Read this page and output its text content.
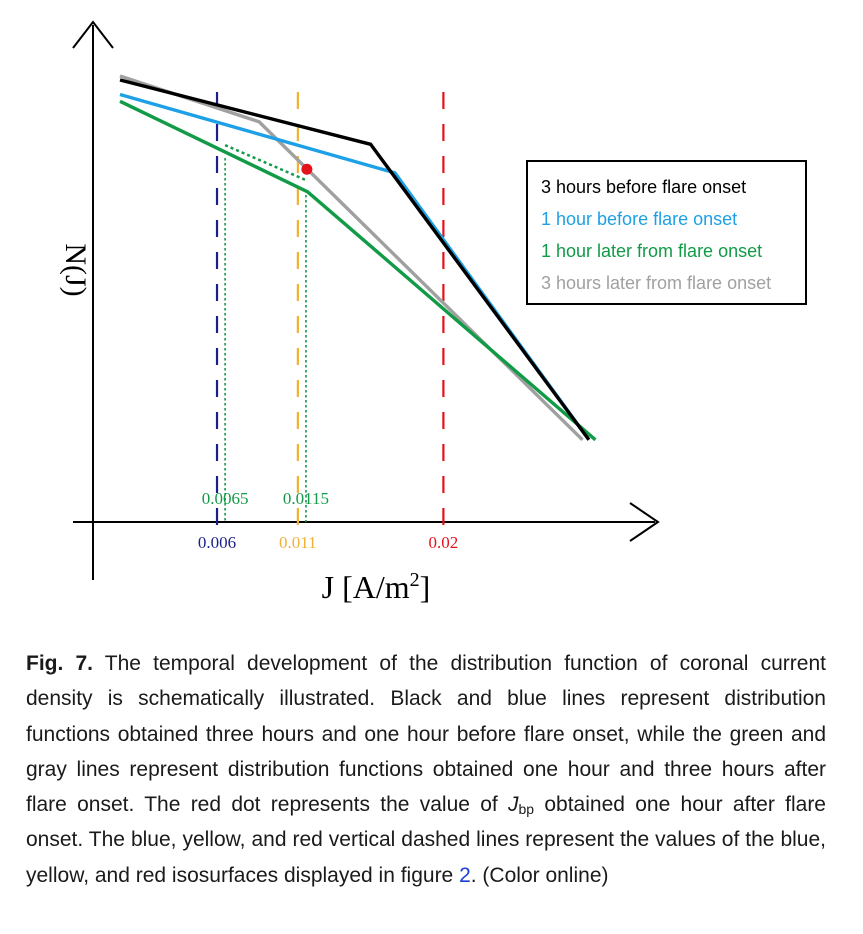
0.006	0.011	0.02
0.0065 0.0115
N(J)
J $[A/m^2]$
3 hours before flare onset
1 hour before flare onset
1 hour later from flare onset
3 hours later from flare onset
Fig. 7. The temporal development of the distribution function of coronal current density is schematically illustrated. Black and blue lines represent distribution functions obtained three hours and one hour before flare onset, while the green and gray lines represent distribution functions obtained one hour and three hours after flare onset. The red dot represents the value of $J_{bp}$ obtained one hour after flare onset. The blue, yellow, and red vertical dashed lines represent the values of the blue, yellow, and red isosurfaces displayed in figure 2. (Color online)
